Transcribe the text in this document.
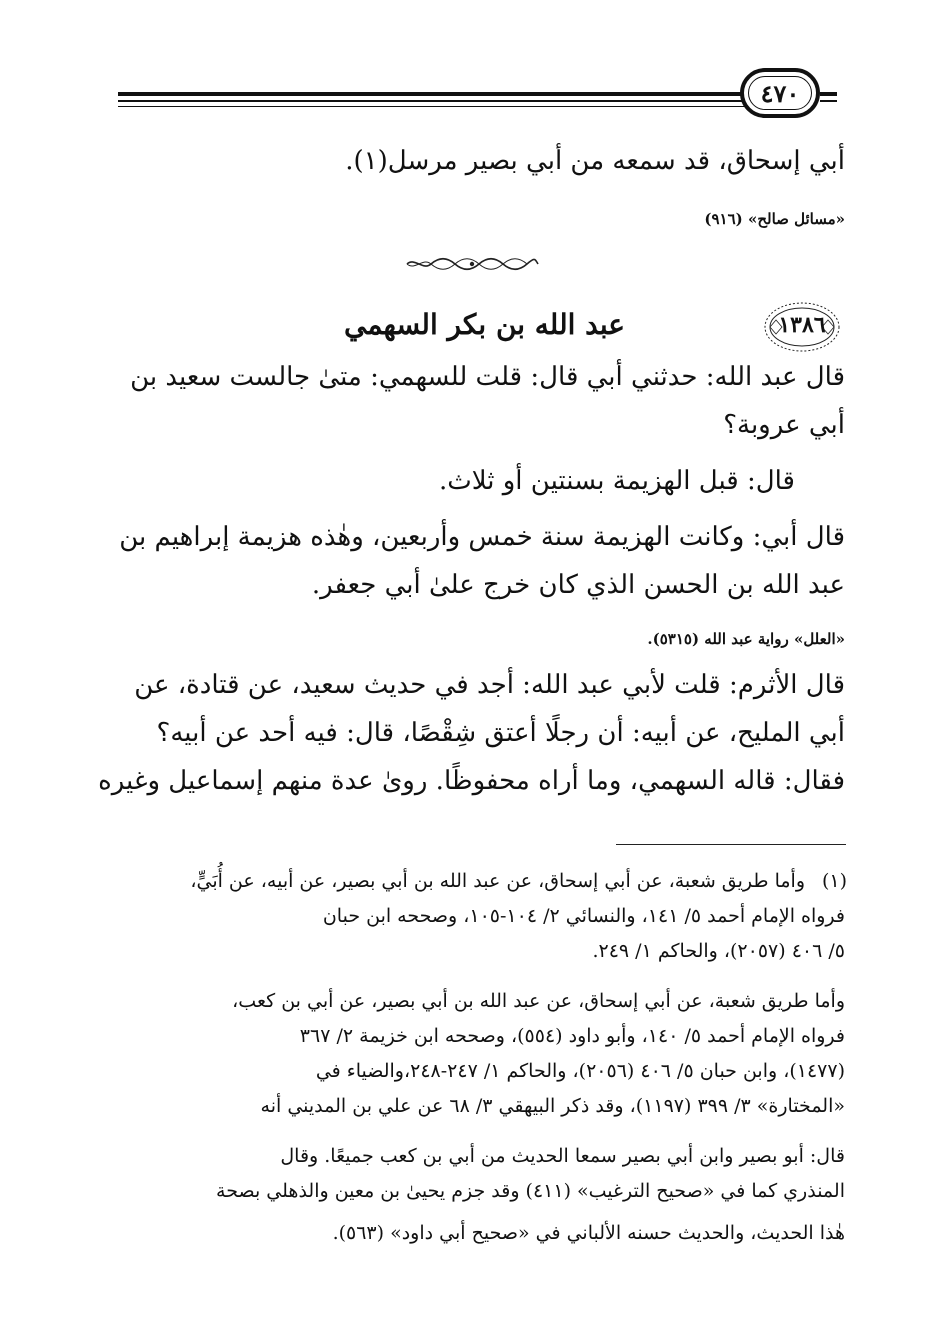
٤٧٠
أبي إسحاق، قد سمعه من أبي بصير مرسل(١).
«مسائل صالح» (٩١٦)
١٣٨٦
عبد الله بن بكر السهمي
قال عبد الله: حدثني أبي قال: قلت للسهمي: متىٰ جالست سعيد بن
أبي عروبة؟
قال: قبل الهزيمة بسنتين أو ثلاث.
قال أبي: وكانت الهزيمة سنة خمس وأربعين، وهٰذه هزيمة إبراهيم بن
عبد الله بن الحسن الذي كان خرج علىٰ أبي جعفر.
«العلل» رواية عبد الله (٥٣١٥).
قال الأثرم: قلت لأبي عبد الله: أجد في حديث سعيد، عن قتادة، عن
أبي المليح، عن أبيه: أن رجلًا أعتق شِقْصًا، قال: فيه أحد عن أبيه؟
فقال: قاله السهمي، وما أراه محفوظًا. روىٰ عدة منهم إسماعيل وغيره
(١)
وأما طريق شعبة، عن أبي إسحاق، عن عبد الله بن أبي بصير، عن أبيه، عن أُبَيٍّ،
فرواه الإمام أحمد ٥/ ١٤١، والنسائي ٢/ ١٠٤-١٠٥، وصححه ابن حبان
٥/ ٤٠٦ (٢٠٥٧)، والحاكم ١/ ٢٤٩.
وأما طريق شعبة، عن أبي إسحاق، عن عبد الله بن أبي بصير، عن أبي بن كعب،
فرواه الإمام أحمد ٥/ ١٤٠، وأبو داود (٥٥٤)، وصححه ابن خزيمة ٢/ ٣٦٧
(١٤٧٧)، وابن حبان ٥/ ٤٠٦ (٢٠٥٦)، والحاكم ١/ ٢٤٧-٢٤٨،والضياء في
«المختارة» ٣/ ٣٩٩ (١١٩٧)، وقد ذكر البيهقي ٣/ ٦٨ عن علي بن المديني أنه
قال: أبو بصير وابن أبي بصير سمعا الحديث من أبي بن كعب جميعًا. وقال
المنذري كما في «صحيح الترغيب» (٤١١) وقد جزم يحيىٰ بن معين والذهلي بصحة
هٰذا الحديث، والحديث حسنه الألباني في «صحيح أبي داود» (٥٦٣).
